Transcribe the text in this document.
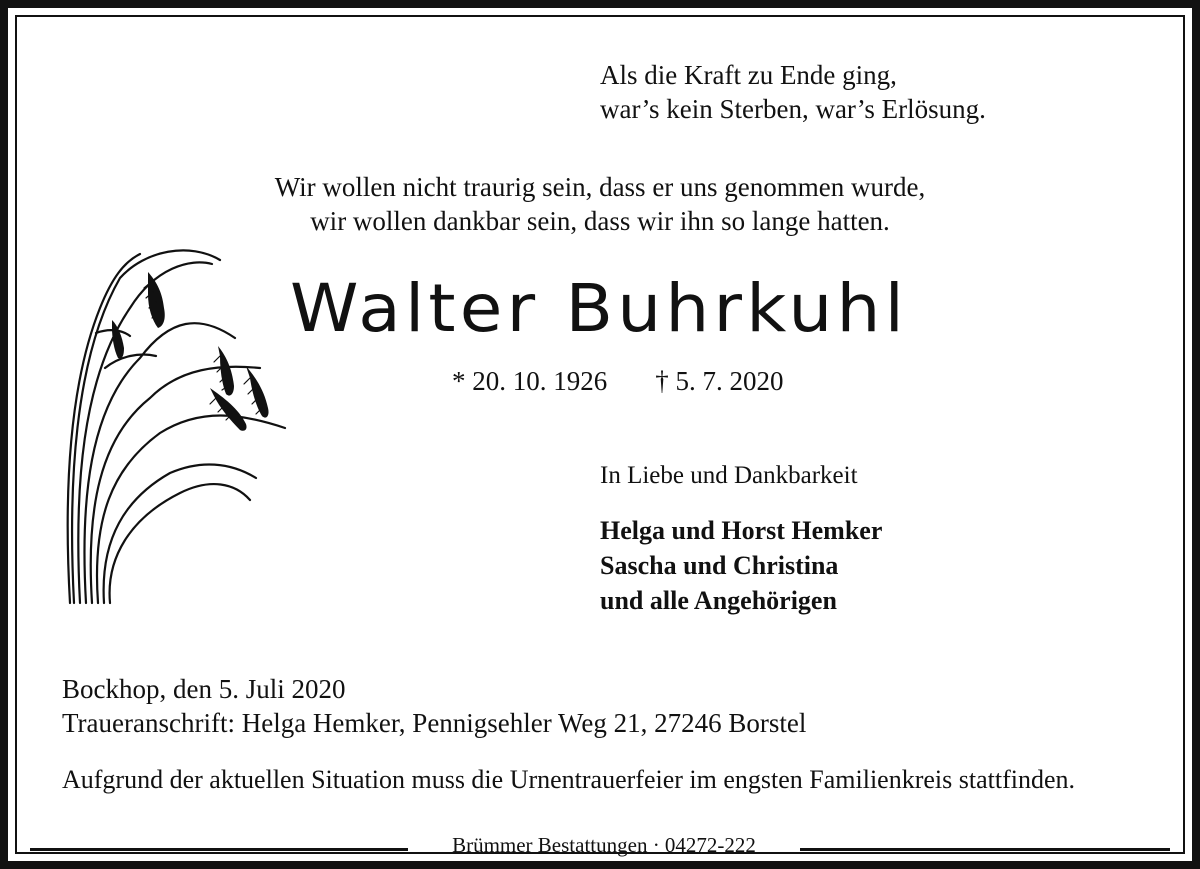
Als die Kraft zu Ende ging,
war’s kein Sterben, war’s Erlösung.
Wir wollen nicht traurig sein, dass er uns genommen wurde,
wir wollen dankbar sein, dass wir ihn so lange hatten.
Walter Buhrkuhl
* 20. 10. 1926 † 5. 7. 2020
In Liebe und Dankbarkeit
Helga und Horst Hemker
Sascha und Christina
und alle Angehörigen
Bockhop, den 5. Juli 2020
Traueranschrift: Helga Hemker, Pennigsehler Weg 21, 27246 Borstel
Aufgrund der aktuellen Situation muss die Urnentrauerfeier im engsten Familienkreis stattfinden.
Brümmer Bestattungen · 04272-222
